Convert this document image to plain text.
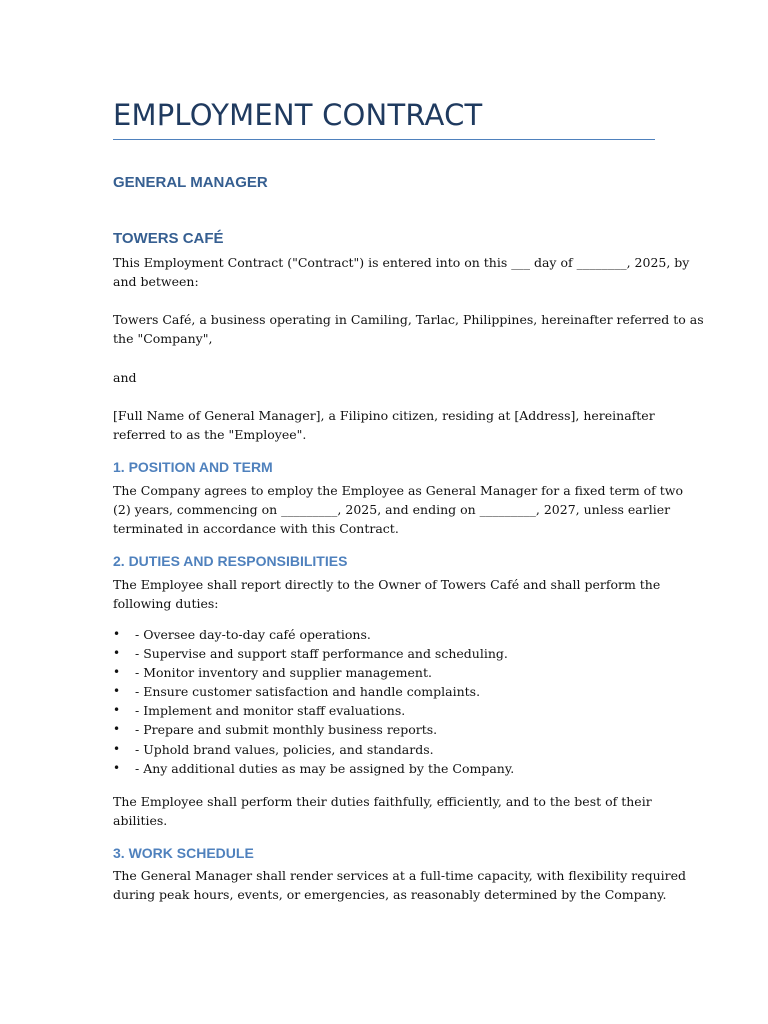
EMPLOYMENT CONTRACT
GENERAL MANAGER
TOWERS CAFÉ
This Employment Contract ("Contract") is entered into on this ___ day of ________, 2025, by
and between:
Towers Café, a business operating in Camiling, Tarlac, Philippines, hereinafter referred to as
the "Company",
and
[Full Name of General Manager], a Filipino citizen, residing at [Address], hereinafter
referred to as the "Employee".
1. POSITION AND TERM
The Company agrees to employ the Employee as General Manager for a fixed term of two
(2) years, commencing on _________, 2025, and ending on _________, 2027, unless earlier
terminated in accordance with this Contract.
2. DUTIES AND RESPONSIBILITIES
The Employee shall report directly to the Owner of Towers Café and shall perform the
following duties:
• - Oversee day-to-day café operations.
• - Supervise and support staff performance and scheduling.
• - Monitor inventory and supplier management.
• - Ensure customer satisfaction and handle complaints.
• - Implement and monitor staff evaluations.
• - Prepare and submit monthly business reports.
• - Uphold brand values, policies, and standards.
• - Any additional duties as may be assigned by the Company.
The Employee shall perform their duties faithfully, efficiently, and to the best of their
abilities.
3. WORK SCHEDULE
The General Manager shall render services at a full-time capacity, with flexibility required
during peak hours, events, or emergencies, as reasonably determined by the Company.
